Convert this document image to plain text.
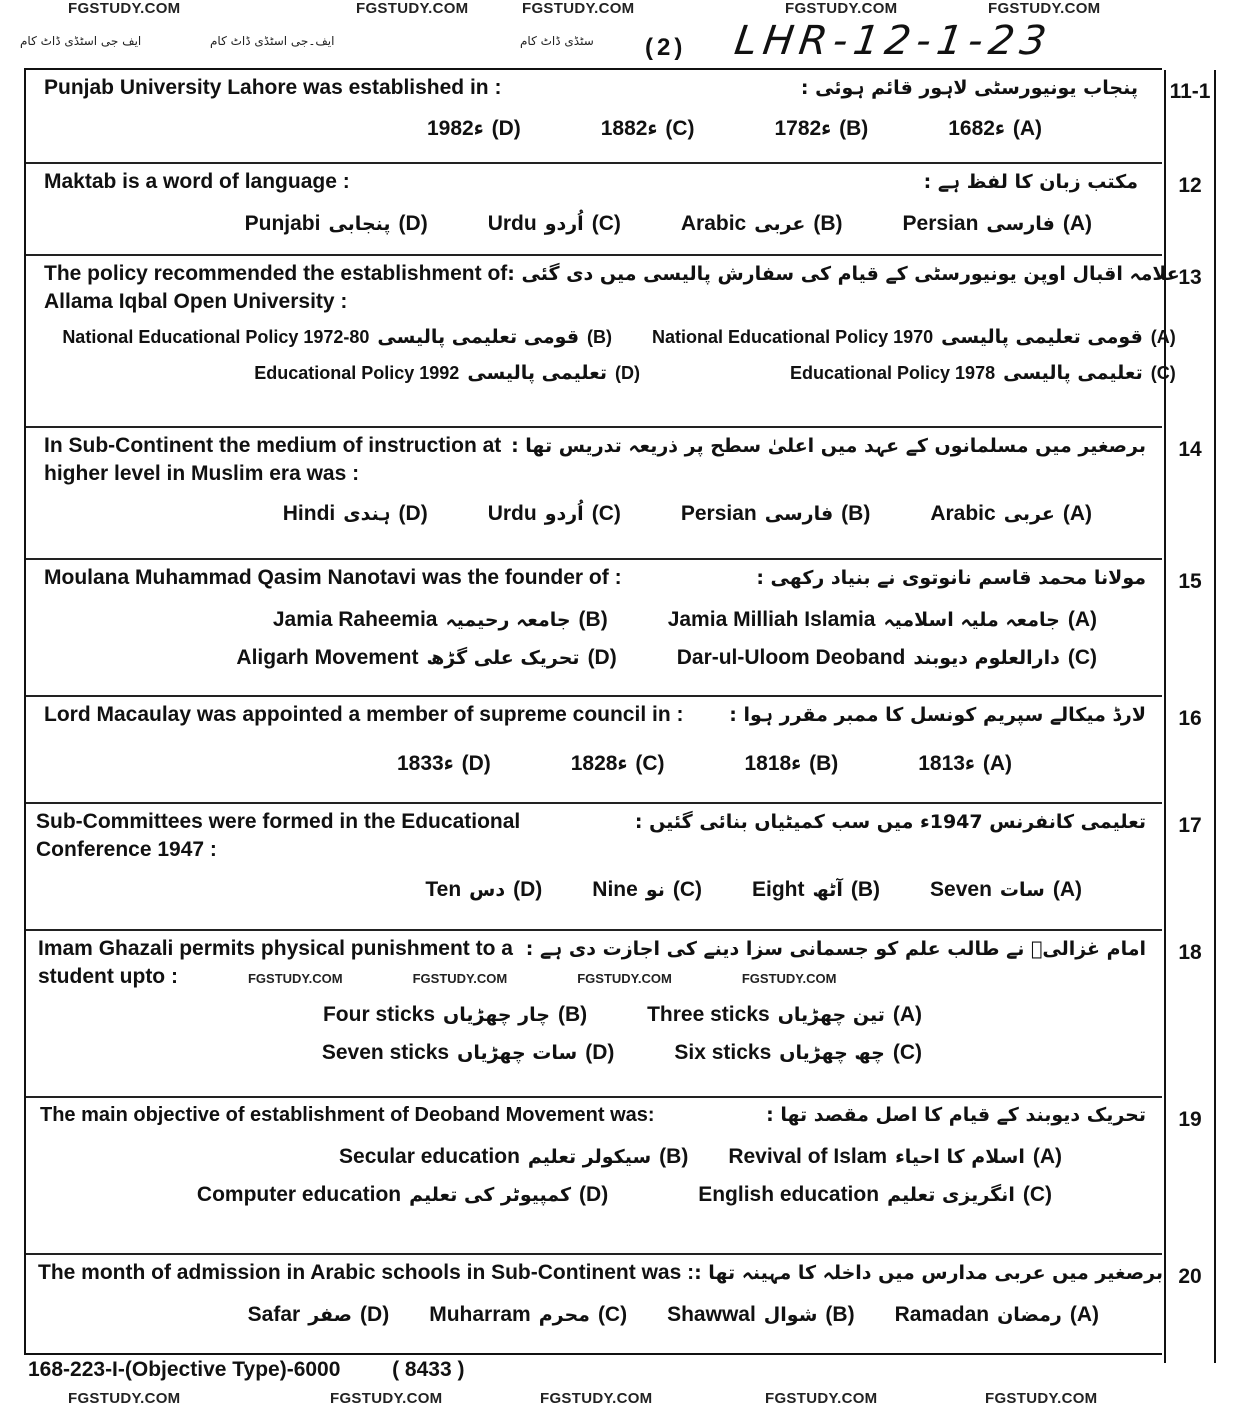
FGSTUDY.COM	FGSTUDY.COM	FGSTUDY.COM	FGSTUDY.COM	FGSTUDY.COM
ایف جی اسٹڈی ڈاٹ کام	ایف۔جی اسٹڈی ڈاٹ کام	سٹڈی ڈاٹ کام (2) LHR-12-1-23
Punjab University Lahore was established in :	پنجاب یونیورسٹی لاہور قائم ہوئی :
1682ء (A)
1782ء (B)
1882ء (C)
1982ء (D)
11-1
Maktab is a word of language :	مکتب زبان کا لفظ ہے :
Persian فارسی (A)
Arabic عربی (B)
Urdu اُردو (C)
Punjabi پنجابی (D)
12
The policy recommended the establishment of علامہ اقبال اوپن یونیورسٹی کے قیام کی سفارش پالیسی میں دی گئی :
Allama Iqbal Open University :
National Educational Policy 1970 قومی تعلیمی پالیسی (A)
National Educational Policy 1972-80 قومی تعلیمی پالیسی (B)
Educational Policy 1978 تعلیمی پالیسی (C)
Educational Policy 1992 تعلیمی پالیسی (D)
13
In Sub-Continent the medium of instruction at برصغیر میں مسلمانوں کے عہد میں اعلیٰ سطح پر ذریعہ تدریس تھا :
higher level in Muslim era was :
Arabic عربی (A)
Persian فارسی (B)
Urdu اُردو (C)
Hindi ہندی (D)
14
Moulana Muhammad Qasim Nanotavi was the founder of :	مولانا محمد قاسم نانوتوی نے بنیاد رکھی :
Jamia Milliah Islamia جامعہ ملیہ اسلامیہ (A)
Jamia Raheemia جامعہ رحیمیہ (B)
Dar-ul-Uloom Deoband دارالعلوم دیوبند (C)
Aligarh Movement تحریک علی گڑھ (D)
15
Lord Macaulay was appointed a member of supreme council in : لارڈ میکالے سپریم کونسل کا ممبر مقرر ہوا :
1813ء (A)
1818ء (B)
1828ء (C)
1833ء (D)
16
Sub-Committees were formed in the Educational	تعلیمی کانفرنس 1947ء میں سب کمیٹیاں بنائی گئیں :
Conference 1947 :
Seven سات (A)
Eight آٹھ (B)
Nine نو (C)
Ten دس (D)
17
Imam Ghazali permits physical punishment to a امام غزالیؒ نے طالب علم کو جسمانی سزا دینے کی اجازت دی ہے :
student upto :	FGSTUDY.COM	FGSTUDY.COM	FGSTUDY.COM	FGSTUDY.COM
Three sticks تین چھڑیاں (A)
Four sticks چار چھڑیاں (B)
Six sticks چھ چھڑیاں (C)
Seven sticks سات چھڑیاں (D)
18
The main objective of establishment of Deoband Movement was:	تحریک دیوبند کے قیام کا اصل مقصد تھا :
Revival of Islam اسلام کا احیاء (A)
Secular education سیکولر تعلیم (B)
English education انگریزی تعلیم (C)
Computer education کمپیوٹر کی تعلیم (D)
19
The month of admission in Arabic schools in Sub-Continent was : برصغیر میں عربی مدارس میں داخلہ کا مہینہ تھا :
Ramadan رمضان (A)
Shawwal شوال (B)
Muharram محرم (C)
Safar صفر (D)
20
168-223-I-(Objective Type)-6000 ( 8433 )
FGSTUDY.COM	FGSTUDY.COM	FGSTUDY.COM	FGSTUDY.COM	FGSTUDY.COM
